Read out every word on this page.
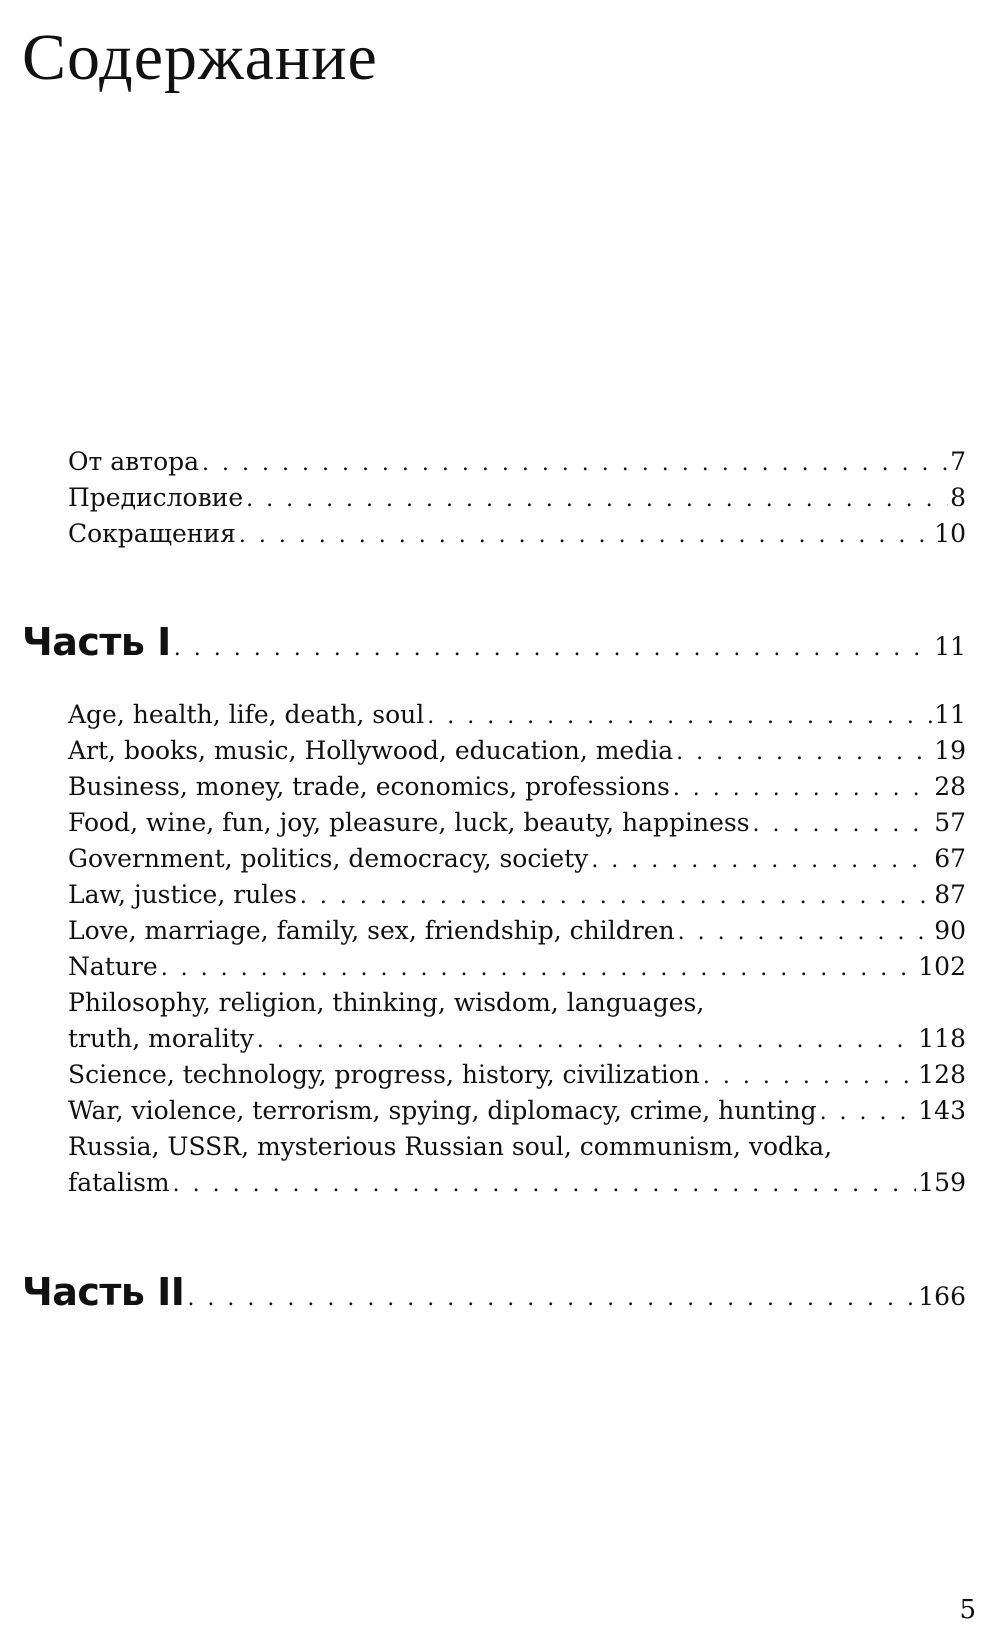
Содержание
От автора . . .	7
Предисловие . . .	8
Сокращения . . .	10
Часть I . . .	11
Age, health, life, death, soul . . .	11
Art, books, music, Hollywood, education, media . . .	19
Business, money, trade, economics, professions . . .	28
Food, wine, fun, joy, pleasure, luck, beauty, happiness . . .	57
Government, politics, democracy, society . . .	67
Law, justice, rules . . .	87
Love, marriage, family, sex, friendship, children . . .	90
Nature . . .	102
Philosophy, religion, thinking, wisdom, languages,
truth, morality . . .	118
Science, technology, progress, history, civilization . . .	128
War, violence, terrorism, spying, diplomacy, crime, hunting . . .	143
Russia, USSR, mysterious Russian soul, communism, vodka,
fatalism . . .	159
Часть II . . .	166
5
